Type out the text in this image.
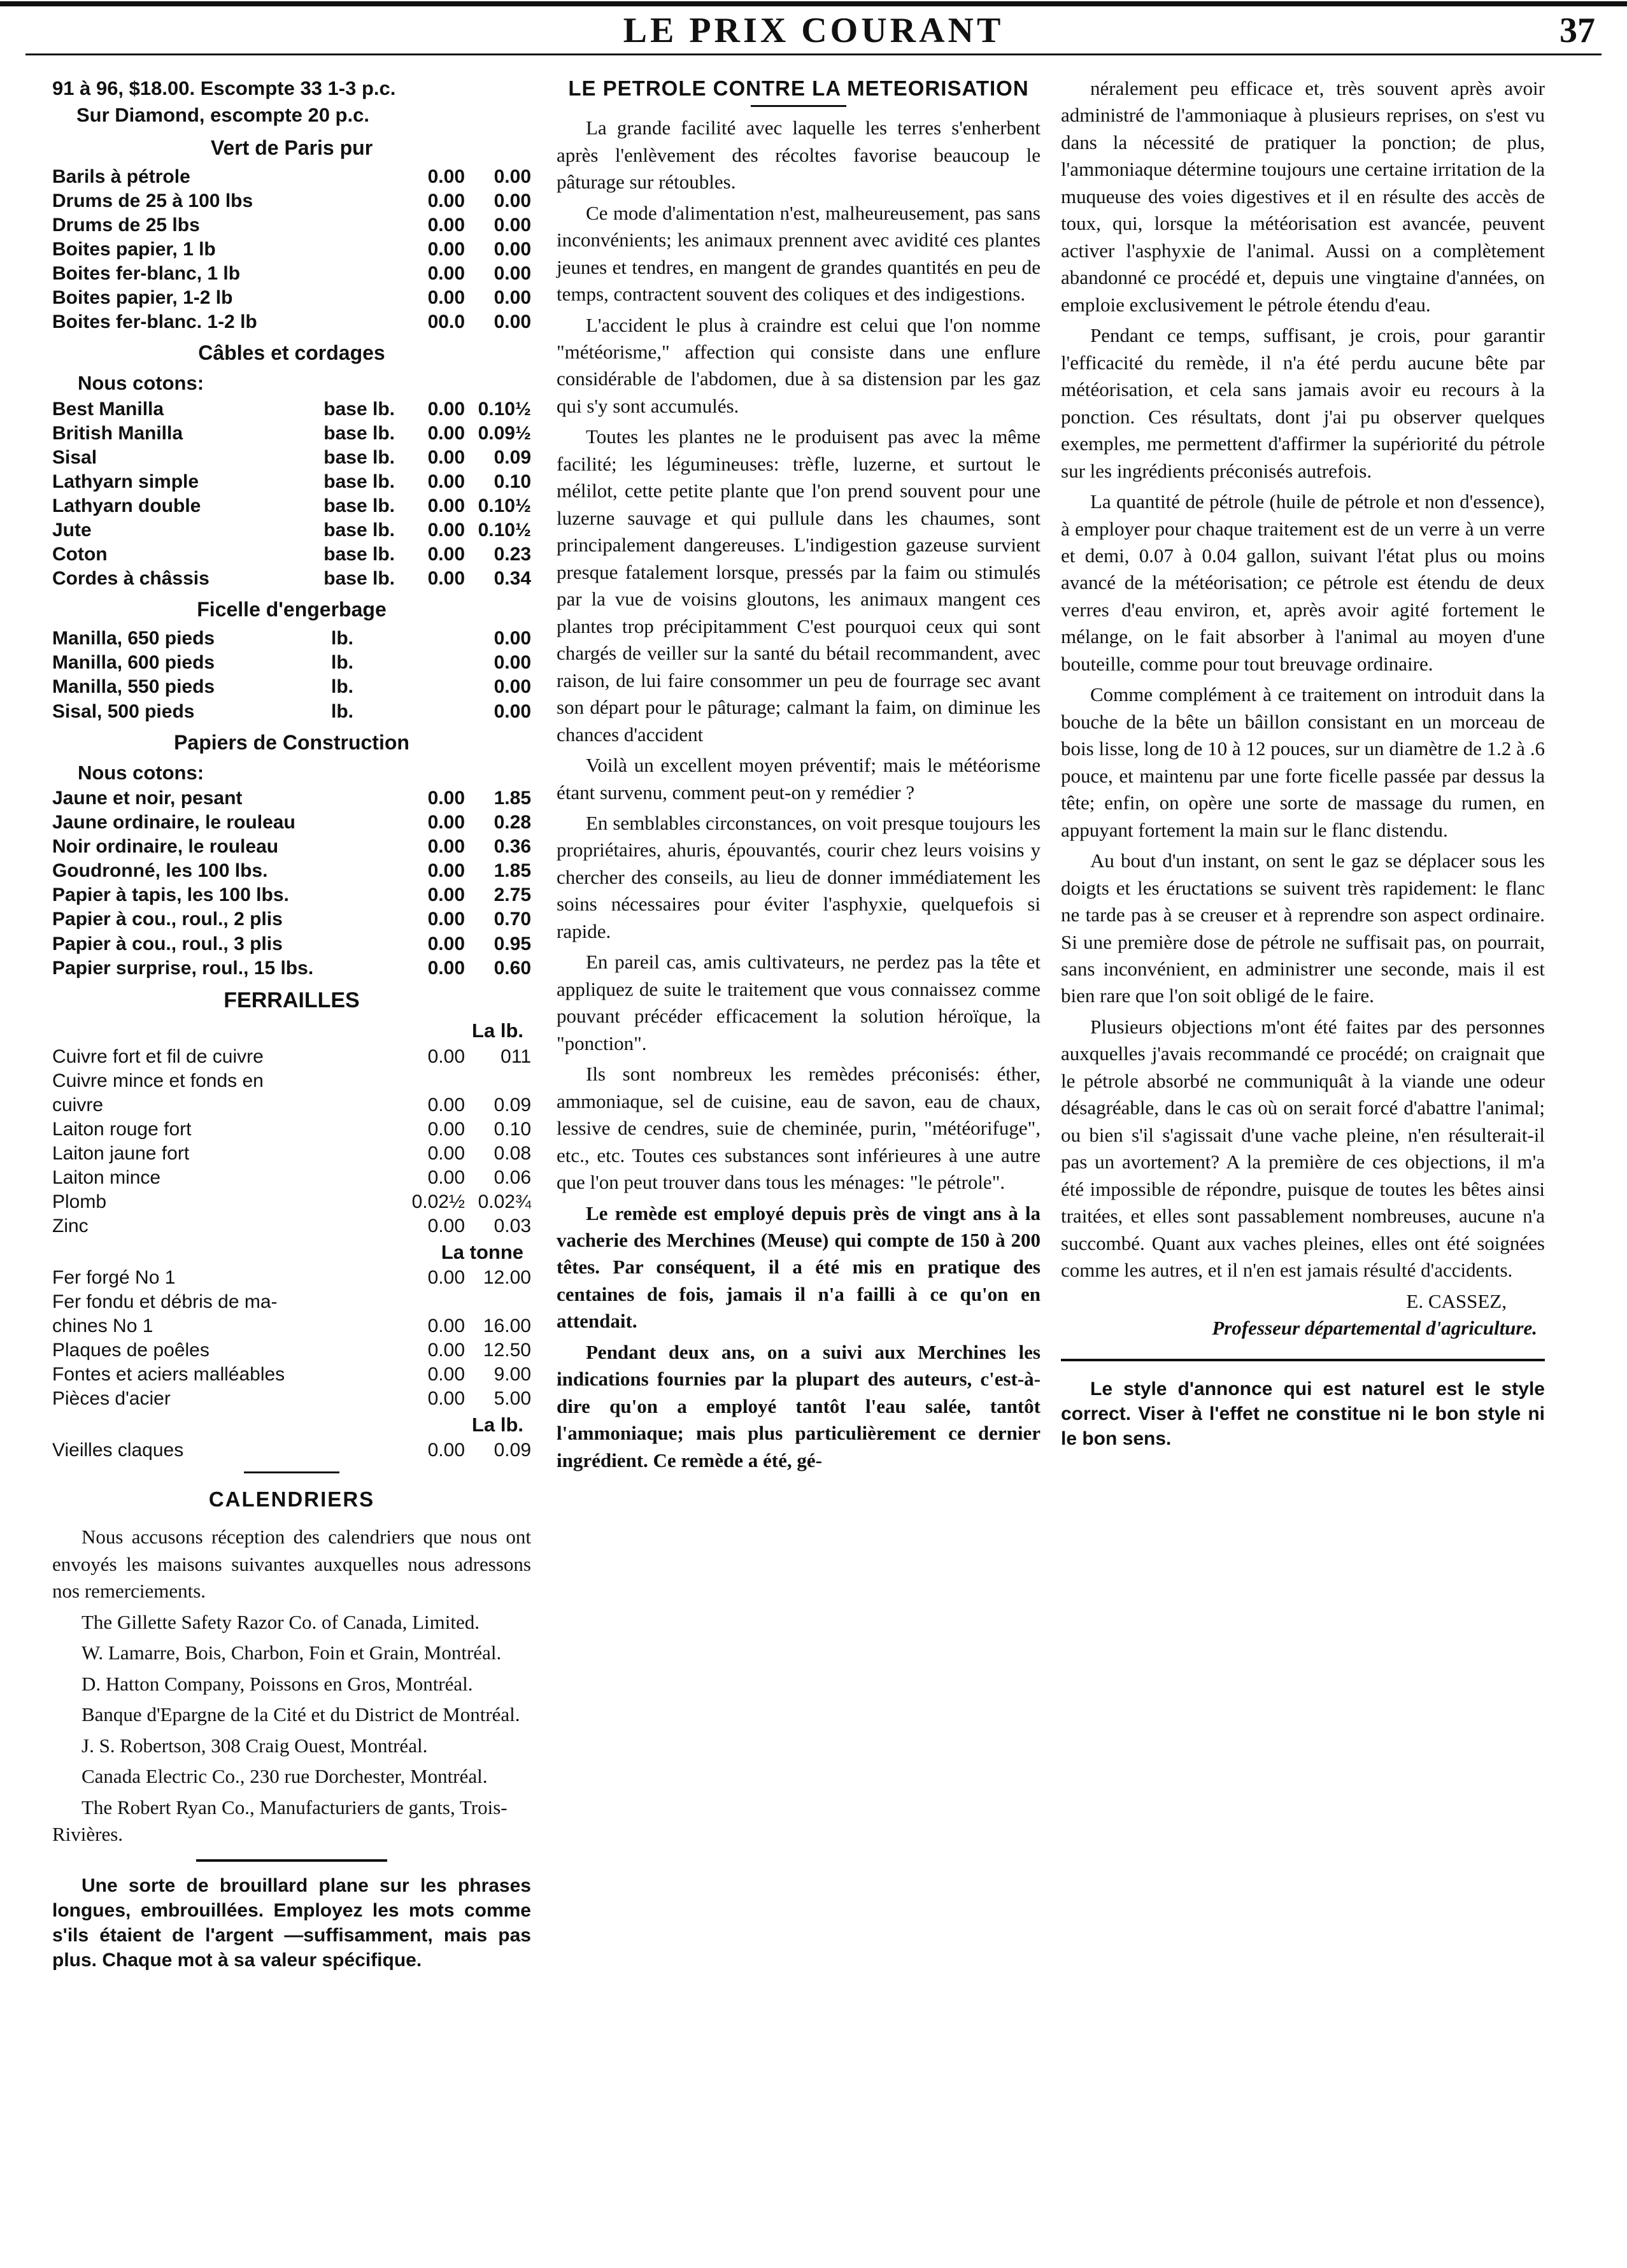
LE PRIX COURANT	37
91 à 96, $18.00. Escompte 33 1-3 p.c.
Sur Diamond, escompte 20 p.c.
Vert de Paris pur
Barils à pétrole	0.00	0.00
Drums de 25 à 100 lbs	0.00	0.00
Drums de 25 lbs	0.00	0.00
Boites papier, 1 lb	0.00	0.00
Boites fer-blanc, 1 lb	0.00	0.00
Boites papier, 1-2 lb	0.00	0.00
Boites fer-blanc. 1-2 lb	00.0	0.00
Câbles et cordages
Nous cotons:
Best Manilla	base lb.	0.00	0.10½
British Manilla	base lb.	0.00	0.09½
Sisal	base lb.	0.00	0.09
Lathyarn simple	base lb.	0.00	0.10
Lathyarn double	base lb.	0.00	0.10½
Jute	base lb.	0.00	0.10½
Coton	base lb.	0.00	0.23
Cordes à châssis	base lb.	0.00	0.34
Ficelle d'engerbage
Manilla, 650 pieds	lb.		0.00
Manilla, 600 pieds	lb.		0.00
Manilla, 550 pieds	lb.		0.00
Sisal, 500 pieds	lb.		0.00
Papiers de Construction
Nous cotons:
Jaune et noir, pesant	0.00	1.85
Jaune ordinaire, le rouleau	0.00	0.28
Noir ordinaire, le rouleau	0.00	0.36
Goudronné, les 100 lbs.	0.00	1.85
Papier à tapis, les 100 lbs.	0.00	2.75
Papier à cou., roul., 2 plis	0.00	0.70
Papier à cou., roul., 3 plis	0.00	0.95
Papier surprise, roul., 15 lbs.	0.00	0.60
FERRAILLES
La lb.
Cuivre fort et fil de cuivre	0.00	011
Cuivre mince et fonds en		
cuivre	0.00	0.09
Laiton rouge fort	0.00	0.10
Laiton jaune fort	0.00	0.08
Laiton mince	0.00	0.06
Plomb	0.02½	0.02¾
Zinc	0.00	0.03
La tonne
Fer forgé No 1	0.00	12.00
Fer fondu et débris de ma-		
chines No 1	0.00	16.00
Plaques de poêles	0.00	12.50
Fontes et aciers malléables	0.00	9.00
Pièces d'acier	0.00	5.00
La lb.
Vieilles claques	0.00	0.09
CALENDRIERS

Nous accusons réception des calendriers que nous ont envoyés les maisons suivantes auxquelles nous adressons nos remerciements.

The Gillette Safety Razor Co. of Canada, Limited.

W. Lamarre, Bois, Charbon, Foin et Grain, Montréal.

D. Hatton Company, Poissons en Gros, Montréal.

Banque d'Epargne de la Cité et du District de Montréal.

J. S. Robertson, 308 Craig Ouest, Montréal.

Canada Electric Co., 230 rue Dorchester, Montréal.

The Robert Ryan Co., Manufacturiers de gants, Trois-Rivières.

Une sorte de brouillard plane sur les phrases longues, embrouillées. Employez les mots comme s'ils étaient de l'argent —suffisamment, mais pas plus. Chaque mot à sa valeur spécifique.
LE PETROLE CONTRE LA METEORISATION

La grande facilité avec laquelle les terres s'enherbent après l'enlèvement des récoltes favorise beaucoup le pâturage sur rétoubles.

Ce mode d'alimentation n'est, malheureusement, pas sans inconvénients; les animaux prennent avec avidité ces plantes jeunes et tendres, en mangent de grandes quantités en peu de temps, contractent souvent des coliques et des indigestions.

L'accident le plus à craindre est celui que l'on nomme "météorisme," affection qui consiste dans une enflure considérable de l'abdomen, due à sa distension par les gaz qui s'y sont accumulés.

Toutes les plantes ne le produisent pas avec la même facilité; les légumineuses: trèfle, luzerne, et surtout le mélilot, cette petite plante que l'on prend souvent pour une luzerne sauvage et qui pullule dans les chaumes, sont principalement dangereuses. L'indigestion gazeuse survient presque fatalement lorsque, pressés par la faim ou stimulés par la vue de voisins gloutons, les animaux mangent ces plantes trop précipitamment C'est pourquoi ceux qui sont chargés de veiller sur la santé du bétail recommandent, avec raison, de lui faire consommer un peu de fourrage sec avant son départ pour le pâturage; calmant la faim, on diminue les chances d'accident

Voilà un excellent moyen préventif; mais le météorisme étant survenu, comment peut-on y remédier ?

En semblables circonstances, on voit presque toujours les propriétaires, ahuris, épouvantés, courir chez leurs voisins y chercher des conseils, au lieu de donner immédiatement les soins nécessaires pour éviter l'asphyxie, quelquefois si rapide.

En pareil cas, amis cultivateurs, ne perdez pas la tête et appliquez de suite le traitement que vous connaissez comme pouvant précéder efficacement la solution héroïque, la "ponction".

Ils sont nombreux les remèdes préconisés: éther, ammoniaque, sel de cuisine, eau de savon, eau de chaux, lessive de cendres, suie de cheminée, purin, "météorifuge", etc., etc. Toutes ces substances sont inférieures à une autre que l'on peut trouver dans tous les ménages: "le pétrole".

Le remède est employé depuis près de vingt ans à la vacherie des Merchines (Meuse) qui compte de 150 à 200 têtes. Par conséquent, il a été mis en pratique des centaines de fois, jamais il n'a failli à ce qu'on en attendait.

Pendant deux ans, on a suivi aux Merchines les indications fournies par la plupart des auteurs, c'est-à-dire qu'on a employé tantôt l'eau salée, tantôt l'ammoniaque; mais plus particulièrement ce dernier ingrédient. Ce remède a été, gé-

néralement peu efficace et, très souvent après avoir administré de l'ammoniaque à plusieurs reprises, on s'est vu dans la nécessité de pratiquer la ponction; de plus, l'ammoniaque détermine toujours une certaine irritation de la muqueuse des voies digestives et il en résulte des accès de toux, qui, lorsque la météorisation est avancée, peuvent activer l'asphyxie de l'animal. Aussi on a complètement abandonné ce procédé et, depuis une vingtaine d'années, on emploie exclusivement le pétrole étendu d'eau.

Pendant ce temps, suffisant, je crois, pour garantir l'efficacité du remède, il n'a été perdu aucune bête par météorisation, et cela sans jamais avoir eu recours à la ponction. Ces résultats, dont j'ai pu observer quelques exemples, me permettent d'affirmer la supériorité du pétrole sur les ingrédients préconisés autrefois.

La quantité de pétrole (huile de pétrole et non d'essence), à employer pour chaque traitement est de un verre à un verre et demi, 0.07 à 0.04 gallon, suivant l'état plus ou moins avancé de la météorisation; ce pétrole est étendu de deux verres d'eau environ, et, après avoir agité fortement le mélange, on le fait absorber à l'animal au moyen d'une bouteille, comme pour tout breuvage ordinaire.

Comme complément à ce traitement on introduit dans la bouche de la bête un bâillon consistant en un morceau de bois lisse, long de 10 à 12 pouces, sur un diamètre de 1.2 à .6 pouce, et maintenu par une forte ficelle passée par dessus la tête; enfin, on opère une sorte de massage du rumen, en appuyant fortement la main sur le flanc distendu.

Au bout d'un instant, on sent le gaz se déplacer sous les doigts et les éructations se suivent très rapidement: le flanc ne tarde pas à se creuser et à reprendre son aspect ordinaire. Si une première dose de pétrole ne suffisait pas, on pourrait, sans inconvénient, en administrer une seconde, mais il est bien rare que l'on soit obligé de le faire.

Plusieurs objections m'ont été faites par des personnes auxquelles j'avais recommandé ce procédé; on craignait que le pétrole absorbé ne communiquât à la viande une odeur désagréable, dans le cas où on serait forcé d'abattre l'animal; ou bien s'il s'agissait d'une vache pleine, n'en résulterait-il pas un avortement? A la première de ces objections, il m'a été impossible de répondre, puisque de toutes les bêtes ainsi traitées, et elles sont passablement nombreuses, aucune n'a succombé. Quant aux vaches pleines, elles ont été soignées comme les autres, et il n'en est jamais résulté d'accidents.

E. CASSEZ,
Professeur départemental d'agriculture.
Le style d'annonce qui est naturel est le style correct. Viser à l'effet ne constitue ni le bon style ni le bon sens.
